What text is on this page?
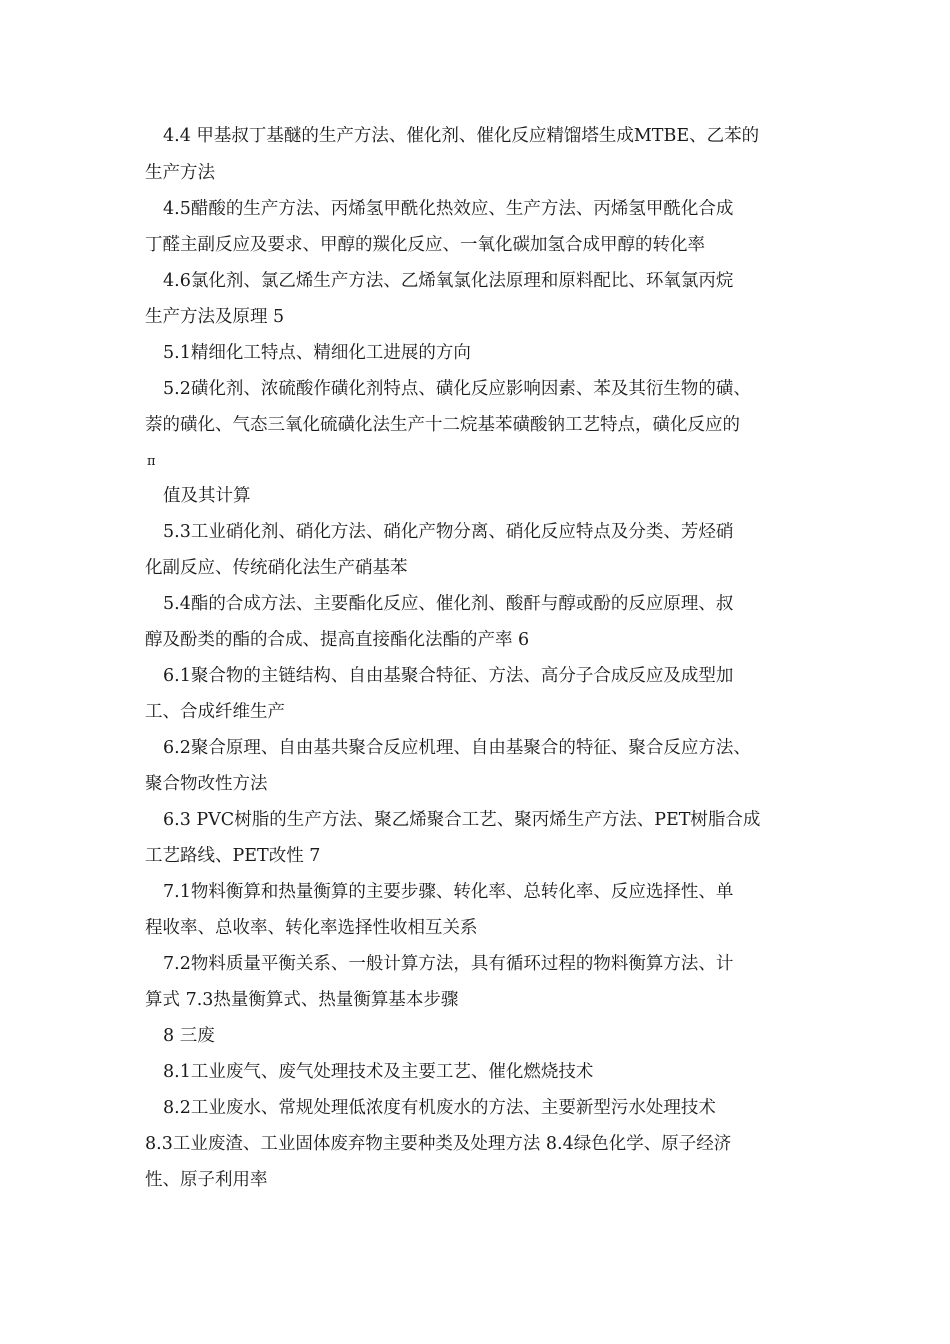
4.4 甲基叔丁基醚的生产方法、催化剂、催化反应精馏塔生成MTBE、乙苯的

生产方法

4.5醋酸的生产方法、丙烯氢甲酰化热效应、生产方法、丙烯氢甲酰化合成

丁醛主副反应及要求、甲醇的羰化反应、一氧化碳加氢合成甲醇的转化率

4.6氯化剂、氯乙烯生产方法、乙烯氧氯化法原理和原料配比、环氧氯丙烷

生产方法及原理 5

5.1精细化工特点、精细化工进展的方向

5.2磺化剂、浓硫酸作磺化剂特点、磺化反应影响因素、苯及其衍生物的磺、

萘的磺化、气态三氧化硫磺化法生产十二烷基苯磺酸钠工艺特点，磺化反应的

π

值及其计算

5.3工业硝化剂、硝化方法、硝化产物分离、硝化反应特点及分类、芳烃硝

化副反应、传统硝化法生产硝基苯

5.4酯的合成方法、主要酯化反应、催化剂、酸酐与醇或酚的反应原理、叔

醇及酚类的酯的合成、提高直接酯化法酯的产率 6

6.1聚合物的主链结构、自由基聚合特征、方法、高分子合成反应及成型加

工、合成纤维生产

6.2聚合原理、自由基共聚合反应机理、自由基聚合的特征、聚合反应方法、

聚合物改性方法

6.3 PVC树脂的生产方法、聚乙烯聚合工艺、聚丙烯生产方法、PET树脂合成

工艺路线、PET改性 7

7.1物料衡算和热量衡算的主要步骤、转化率、总转化率、反应选择性、单

程收率、总收率、转化率选择性收相互关系

7.2物料质量平衡关系、一般计算方法，具有循环过程的物料衡算方法、计

算式 7.3热量衡算式、热量衡算基本步骤

8 三废

8.1工业废气、废气处理技术及主要工艺、催化燃烧技术

8.2工业废水、常规处理低浓度有机废水的方法、主要新型污水处理技术

8.3工业废渣、工业固体废弃物主要种类及处理方法 8.4绿色化学、原子经济

性、原子利用率
